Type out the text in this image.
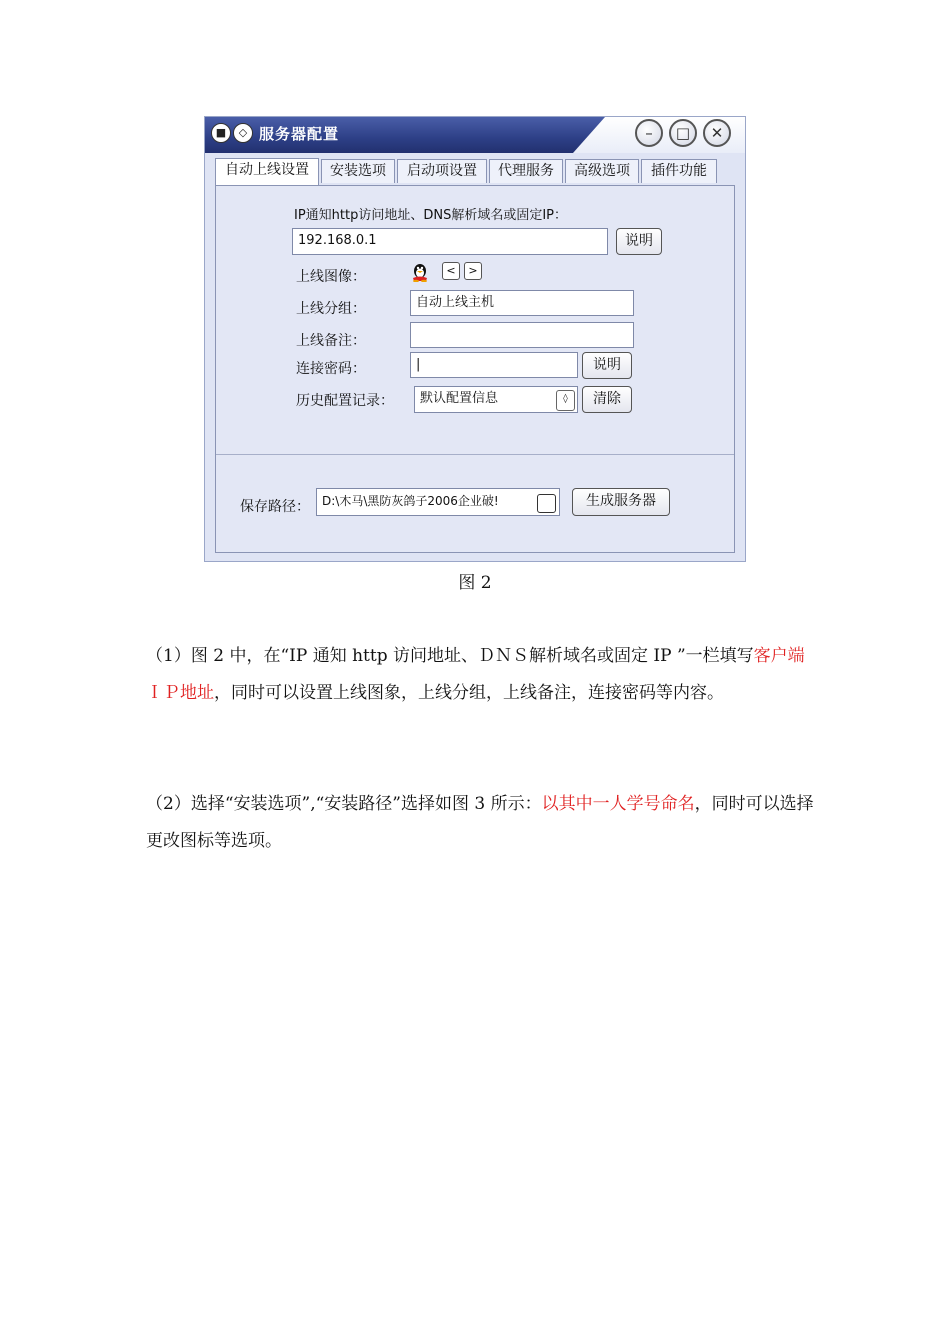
■	◇ 服务器配置	–	□	✕
自动上线设置	安装选项	启动项设置	代理服务	高级选项	插件功能
IP通知http访问地址、DNS解析域名或固定IP：
192.168.0.1	说明
上线图像：	<	>
上线分组：	自动上线主机
上线备注：
连接密码：	|	说明
历史配置记录：	默认配置信息	◊	清除
保存路径：	D:\木马\黑防灰鸽子2006企业破!	生成服务器
图 2
（1）图 2 中，在“IP 通知 http 访问地址、ＤＮＳ解析域名或固定 IP ”一栏填写客户端ＩＰ地址，同时可以设置上线图象，上线分组，上线备注，连接密码等内容。
（2）选择“安装选项”,“安装路径”选择如图 3 所示：以其中一人学号命名，同时可以选择更改图标等选项。
